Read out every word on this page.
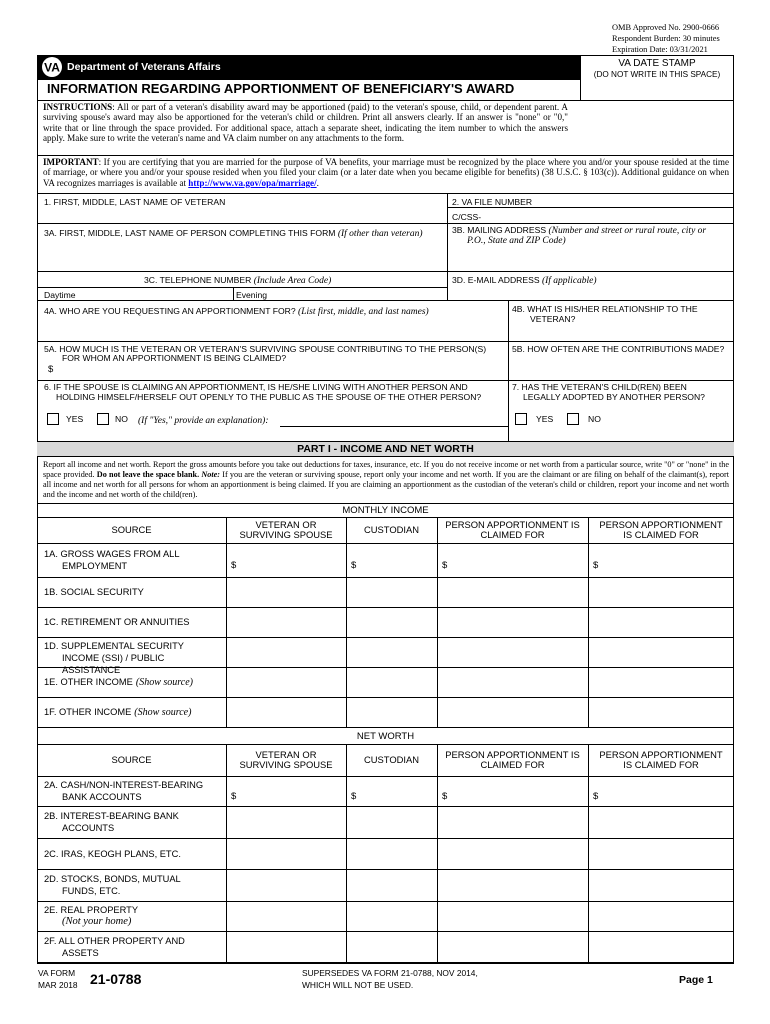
OMB Approved No. 2900-0666
Respondent Burden: 30 minutes
Expiration Date: 03/31/2021
VA Department of Veterans Affairs	VA DATE STAMP
(DO NOT WRITE IN THIS SPACE)
INFORMATION REGARDING APPORTIONMENT OF BENEFICIARY'S AWARD
INSTRUCTIONS: All or part of a veteran's disability award may be apportioned (paid) to the veteran's spouse, child, or dependent parent. A surviving spouse's award may also be apportioned for the veteran's child or children. Print all answers clearly. If an answer is "none" or "0," write that or line through the space provided. For additional space, attach a separate sheet, indicating the item number to which the answers apply. Make sure to write the veteran's name and VA claim number on any attachments to the form.
IMPORTANT: If you are certifying that you are married for the purpose of VA benefits, your marriage must be recognized by the place where you and/or your spouse resided at the time of marriage, or where you and/or your spouse resided when you filed your claim (or a later date when you became eligible for benefits) (38 U.S.C. § 103(c)). Additional guidance on when VA recognizes marriages is available at http://www.va.gov/opa/marriage/.
1. FIRST, MIDDLE, LAST NAME OF VETERAN	2. VA FILE NUMBER
C/CSS-
3A. FIRST, MIDDLE, LAST NAME OF PERSON COMPLETING THIS FORM (If other than veteran)	3B. MAILING ADDRESS (Number and street or rural route, city or
P.O., State and ZIP Code)
3C. TELEPHONE NUMBER (Include Area Code)	3D. E-MAIL ADDRESS (If applicable)
Daytime	Evening
4A. WHO ARE YOU REQUESTING AN APPORTIONMENT FOR? (List first, middle, and last names)	4B. WHAT IS HIS/HER RELATIONSHIP TO THE
VETERAN?
5A. HOW MUCH IS THE VETERAN OR VETERAN'S SURVIVING SPOUSE CONTRIBUTING TO THE PERSON(S)
FOR WHOM AN APPORTIONMENT IS BEING CLAIMED?
$
5B. HOW OFTEN ARE THE CONTRIBUTIONS MADE?
6. IF THE SPOUSE IS CLAIMING AN APPORTIONMENT, IS HE/SHE LIVING WITH ANOTHER PERSON AND
HOLDING HIMSELF/HERSELF OUT OPENLY TO THE PUBLIC AS THE SPOUSE OF THE OTHER PERSON?
7. HAS THE VETERAN'S CHILD(REN) BEEN
LEGALLY ADOPTED BY ANOTHER PERSON?
YES	NO (If "Yes," provide an explanation):	YES	NO
PART I - INCOME AND NET WORTH
Report all income and net worth. Report the gross amounts before you take out deductions for taxes, insurance, etc. If you do not receive income or net worth from a particular source, write "0" or "none" in the space provided. Do not leave the space blank. Note: If you are the veteran or surviving spouse, report only your income and net worth. If you are the claimant or are filing on behalf of the claimant(s), report all income and net worth for all persons for whom an apportionment is being claimed. If you are claiming an apportionment as the custodian of the veteran's child or children, report your income and net worth and the income and net worth of the child(ren).
MONTHLY INCOME
SOURCE	VETERAN OR
SURVIVING SPOUSE	CUSTODIAN	PERSON APPORTIONMENT IS
CLAIMED FOR
PERSON APPORTIONMENT
IS CLAIMED FOR
1A. GROSS WAGES FROM ALL
EMPLOYMENT	$	$	$	$
1B. SOCIAL SECURITY
1C. RETIREMENT OR ANNUITIES
1D. SUPPLEMENTAL SECURITY
INCOME (SSI) / PUBLIC ASSISTANCE
1E. OTHER INCOME (Show source)
1F. OTHER INCOME (Show source)
NET WORTH
SOURCE	VETERAN OR
SURVIVING SPOUSE	CUSTODIAN	PERSON APPORTIONMENT IS
CLAIMED FOR
PERSON APPORTIONMENT
IS CLAIMED FOR
2A. CASH/NON-INTEREST-BEARING
BANK ACCOUNTS	$	$	$	$
2B. INTEREST-BEARING BANK
ACCOUNTS
2C. IRAS, KEOGH PLANS, ETC.
2D. STOCKS, BONDS, MUTUAL
FUNDS, ETC.
2E. REAL PROPERTY
(Not your home)
2F. ALL OTHER PROPERTY AND
ASSETS
VA FORM
MAR 2018 21-0788	SUPERSEDES VA FORM 21-0788, NOV 2014,
WHICH WILL NOT BE USED.	Page 1
